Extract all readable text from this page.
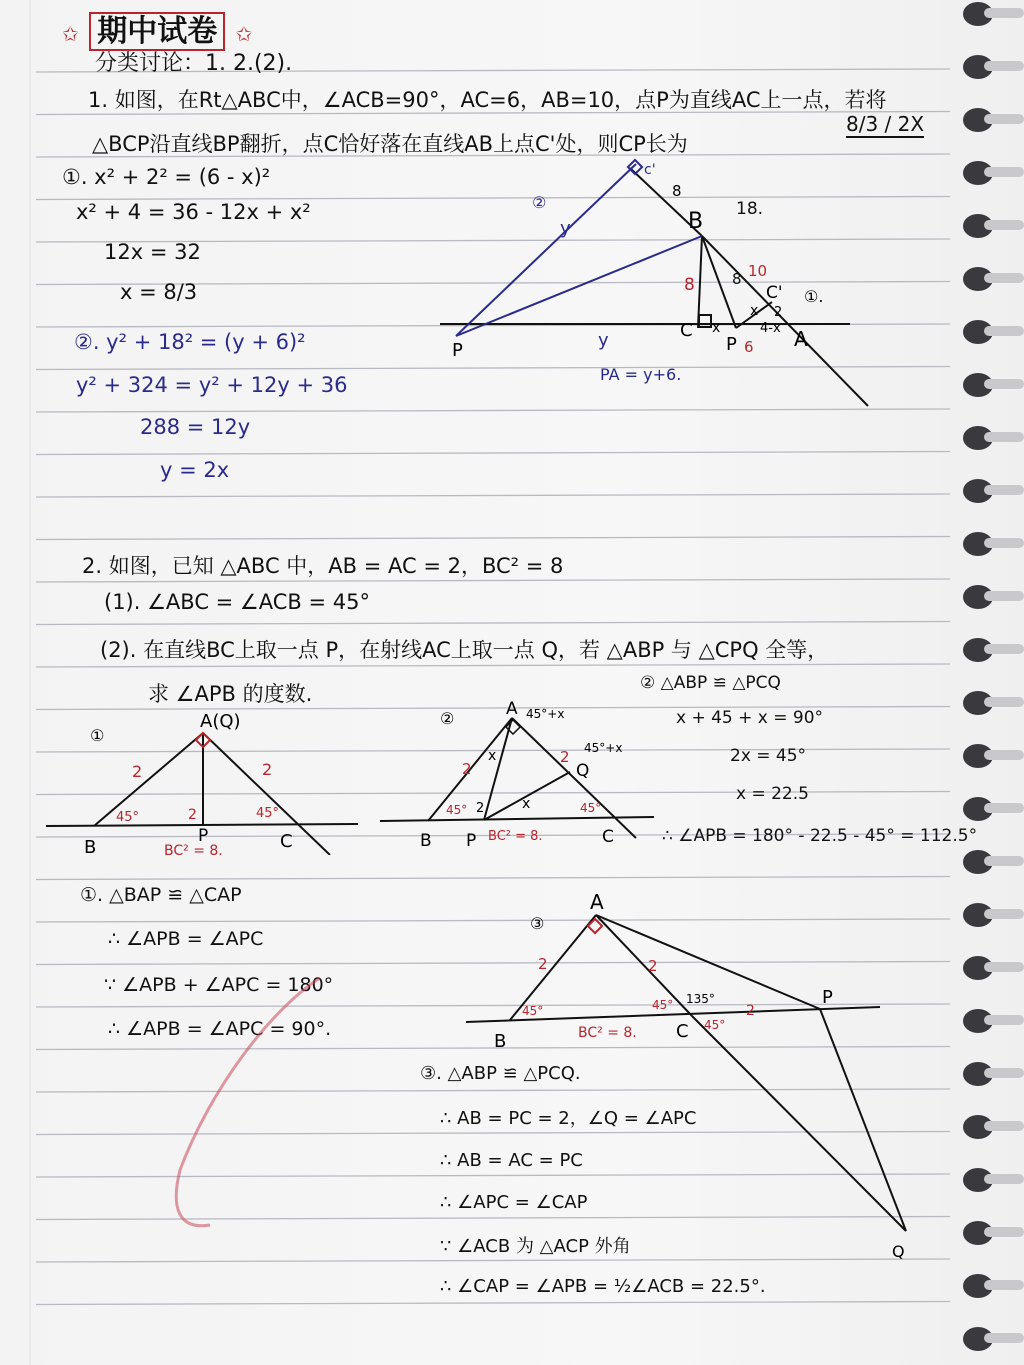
✩ 期中试卷 ✩
分类讨论：1. 2.(2).
1. 如图，在Rt△ABC中，∠ACB=90°，AC=6，AB=10，点P为直线AC上一点，若将
△BCP沿直线BP翻折，点C恰好落在直线AB上点C'处，则CP长为
8/3 / 2X
①. x² + 2² = (6 - x)²
x² + 4 = 36 - 12x + x²
12x = 32
x = 8/3
②. y² + 18² = (y + 6)²
y² + 324 = y² + 12y + 36
288 = 12y
y = 2x
B
C
P	A
C'
P
8 8 10
18.
6
y
y
x
x
4-x
2
①.
②
c'
8
PA = y+6.
2. 如图，已知 △ABC 中，AB = AC = 2，BC² = 8
(1). ∠ABC = ∠ACB = 45°
(2). 在直线BC上取一点 P，在射线AC上取一点 Q，若 △ABP 与 △CPQ 全等，
求 ∠APB 的度数.
①
A(Q)
B
P	C
2	2
2
45°	45°
BC² = 8.
②	A
B P	C
Q
45°+x
45°+x
2
2
x
x
45°	45°
2
BC² = 8.
② △ABP ≌ △PCQ
x + 45 + x = 90°
2x = 45°
x = 22.5
∴ ∠APB = 180° - 22.5 - 45° = 112.5°
①. △BAP ≌ △CAP
∴ ∠APB = ∠APC
∵ ∠APB + ∠APC = 180°
∴ ∠APB = ∠APC = 90°.
③
A
B	C
P
Q
2	2
45°	45°
45°
135°
2
BC² = 8.
③. △ABP ≌ △PCQ.
∴ AB = PC = 2，∠Q = ∠APC
∴ AB = AC = PC
∴ ∠APC = ∠CAP
∵ ∠ACB 为 △ACP 外角
∴ ∠CAP = ∠APB = ½∠ACB = 22.5°.
